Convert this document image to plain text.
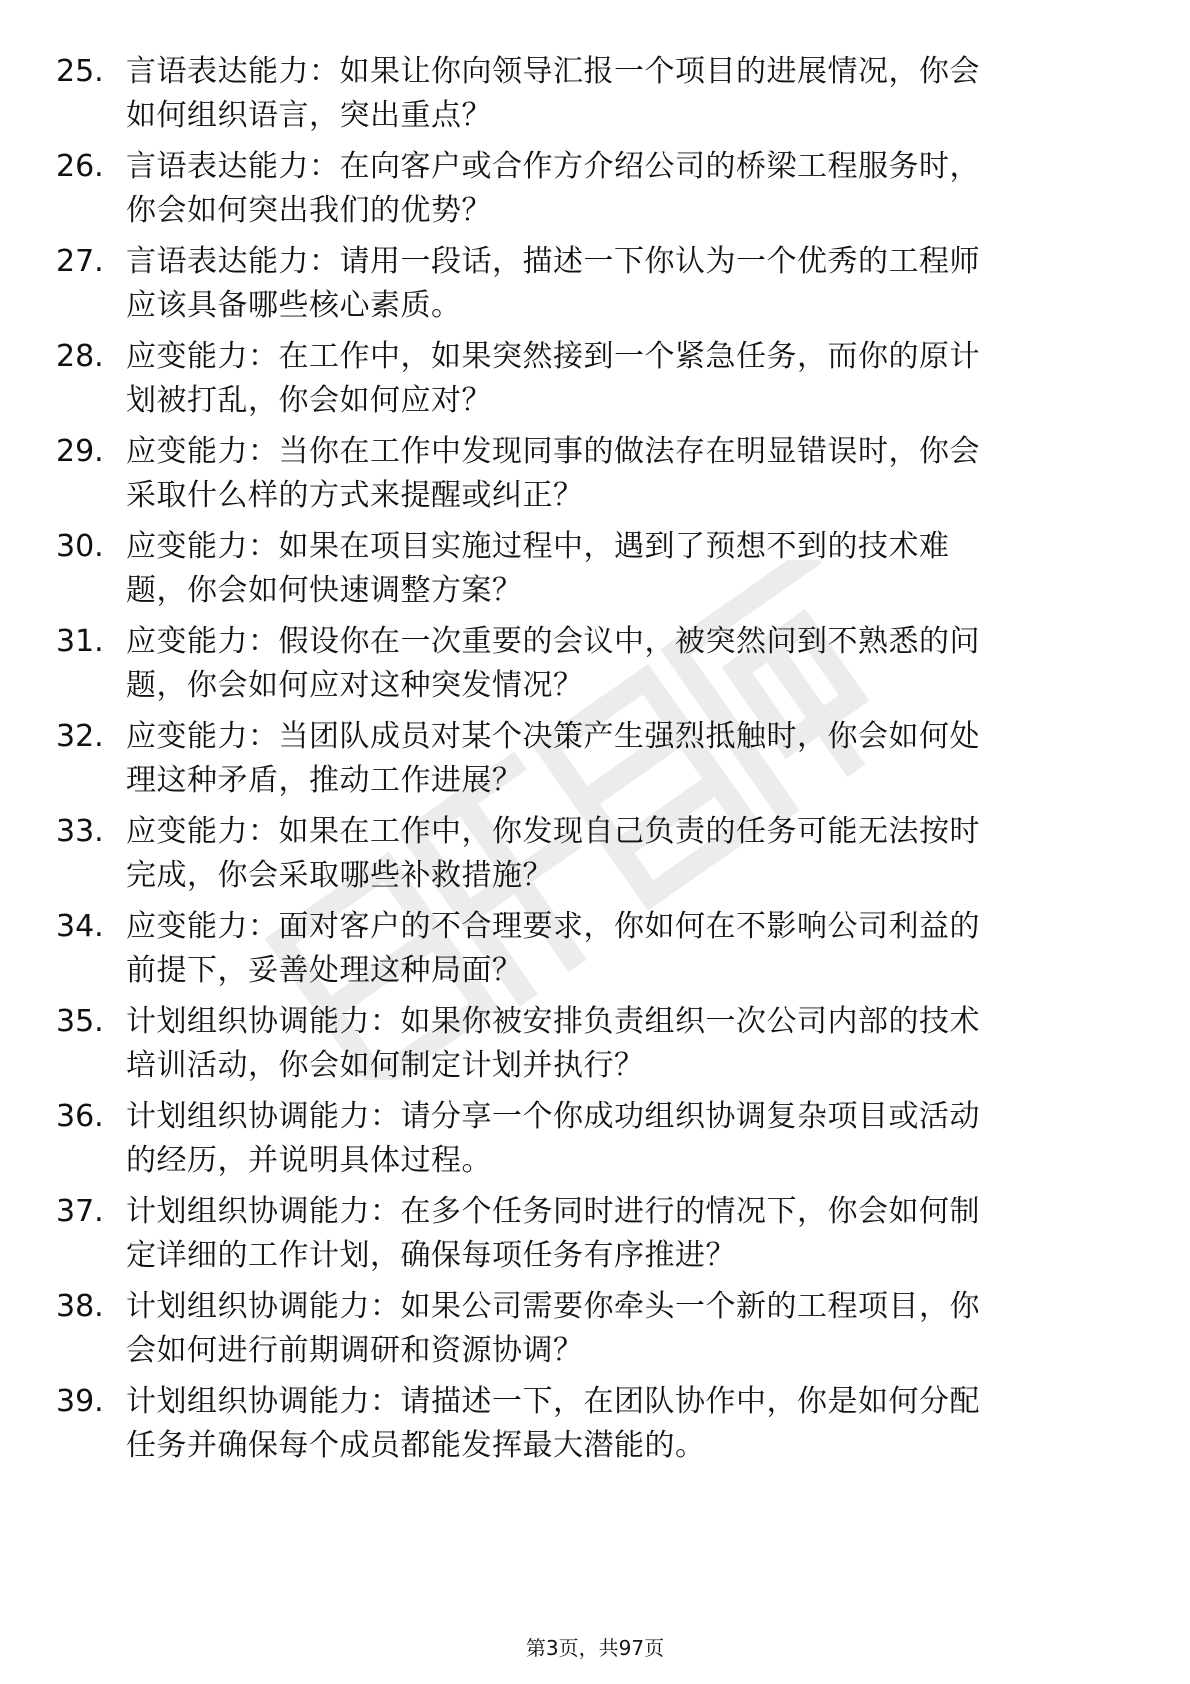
25. 言语表达能力：如果让你向领导汇报一个项目的进展情况，你会
如何组织语言，突出重点？
26. 言语表达能力：在向客户或合作方介绍公司的桥梁工程服务时，
你会如何突出我们的优势？
27. 言语表达能力：请用一段话，描述一下你认为一个优秀的工程师
应该具备哪些核心素质。
28. 应变能力：在工作中，如果突然接到一个紧急任务，而你的原计
划被打乱，你会如何应对？
29. 应变能力：当你在工作中发现同事的做法存在明显错误时，你会
采取什么样的方式来提醒或纠正？
30. 应变能力：如果在项目实施过程中，遇到了预想不到的技术难
题，你会如何快速调整方案？
31. 应变能力：假设你在一次重要的会议中，被突然问到不熟悉的问
题，你会如何应对这种突发情况？
32. 应变能力：当团队成员对某个决策产生强烈抵触时，你会如何处
理这种矛盾，推动工作进展？
33. 应变能力：如果在工作中，你发现自己负责的任务可能无法按时
完成，你会采取哪些补救措施？
34. 应变能力：面对客户的不合理要求，你如何在不影响公司利益的
前提下，妥善处理这种局面？
35. 计划组织协调能力：如果你被安排负责组织一次公司内部的技术
培训活动，你会如何制定计划并执行？
36. 计划组织协调能力：请分享一个你成功组织协调复杂项目或活动
的经历，并说明具体过程。
37. 计划组织协调能力：在多个任务同时进行的情况下，你会如何制
定详细的工作计划，确保每项任务有序推进？
38. 计划组织协调能力：如果公司需要你牵头一个新的工程项目，你
会如何进行前期调研和资源协调？
39. 计划组织协调能力：请描述一下，在团队协作中，你是如何分配
任务并确保每个成员都能发挥最大潜能的。
第3页，共97页
